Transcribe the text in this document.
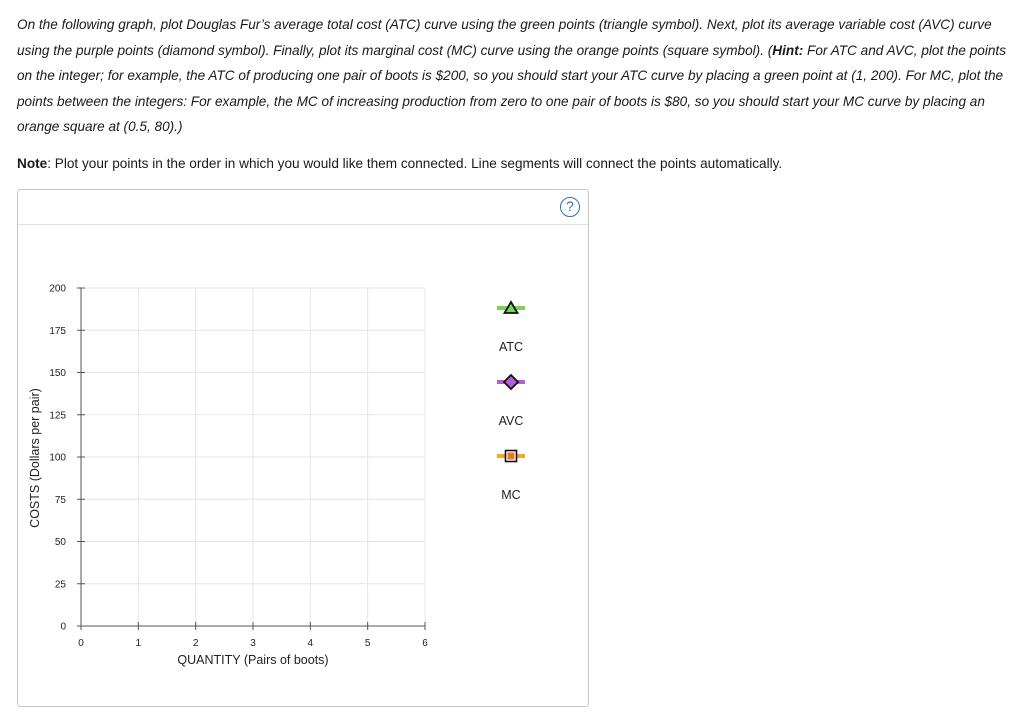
On the following graph, plot Douglas Fur’s average total cost (ATC) curve using the green points (triangle symbol). Next, plot its average variable cost (AVC) curve using the purple points (diamond symbol). Finally, plot its marginal cost (MC) curve using the orange points (square symbol). (Hint: For ATC and AVC, plot the points on the integer; for example, the ATC of producing one pair of boots is $200, so you should start your ATC curve by placing a green point at (1, 200). For MC, plot the points between the integers: For example, the MC of increasing production from zero to one pair of boots is $80, so you should start your MC curve by placing an orange square at (0.5, 80).)
Note: Plot your points in the order in which you would like them connected. Line segments will connect the points automatically.
?
0	1	2	3	4	5	6
0
25
50
75
100
125
150
175
200
ATC
AVC
MC
QUANTITY (Pairs of boots)
COSTS (Dollars per pair)
